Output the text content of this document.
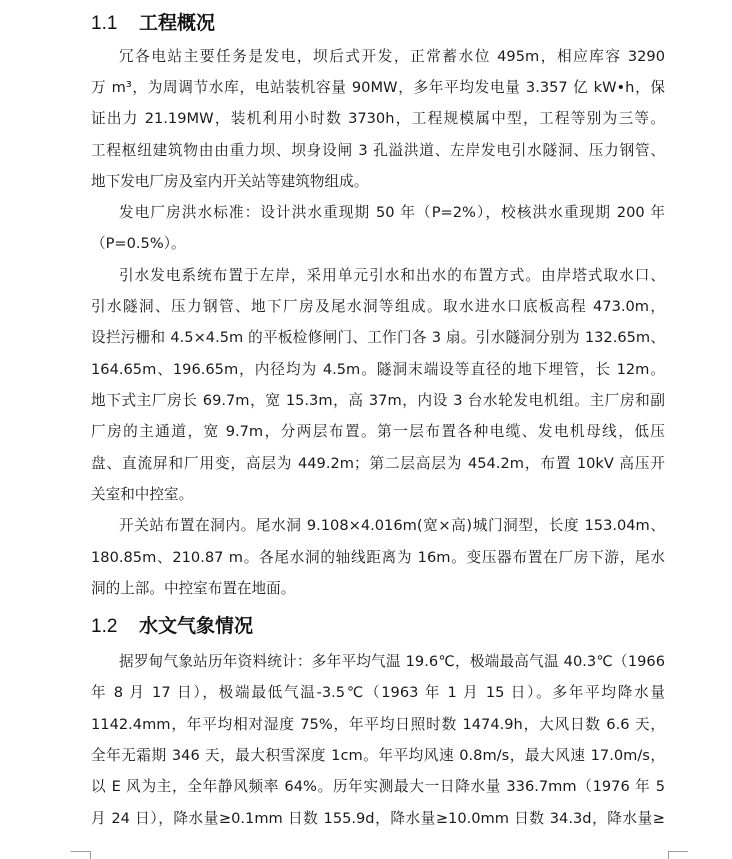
1.1 工程概况
冗各电站主要任务是发电，坝后式开发，正常蓄水位 495m，相应库容 3290
万 m³，为周调节水库，电站装机容量 90MW，多年平均发电量 3.357 亿 kW•h，保
证出力 21.19MW，装机利用小时数 3730h，工程规模属中型，工程等别为三等。
工程枢纽建筑物由由重力坝、坝身设闸 3 孔溢洪道、左岸发电引水隧洞、压力钢管、
地下发电厂房及室内开关站等建筑物组成。
发电厂房洪水标准：设计洪水重现期 50 年（P=2%），校核洪水重现期 200 年
（P=0.5%）。
引水发电系统布置于左岸，采用单元引水和出水的布置方式。由岸塔式取水口、
引水隧洞、压力钢管、地下厂房及尾水洞等组成。取水进水口底板高程 473.0m，
设拦污栅和 4.5×4.5m 的平板检修闸门、工作门各 3 扇。引水隧洞分别为 132.65m、
164.65m、196.65m，内径均为 4.5m。隧洞末端设等直径的地下埋管，长 12m。
地下式主厂房长 69.7m，宽 15.3m，高 37m，内设 3 台水轮发电机组。主厂房和副
厂房的主通道，宽 9.7m，分两层布置。第一层布置各种电缆、发电机母线，低压
盘、直流屏和厂用变，高层为 449.2m；第二层高层为 454.2m，布置 10kV 高压开
关室和中控室。
开关站布置在洞内。尾水洞 9.108×4.016m(宽×高)城门洞型，长度 153.04m、
180.85m、210.87 m。各尾水洞的轴线距离为 16m。变压器布置在厂房下游，尾水
洞的上部。中控室布置在地面。
1.2 水文气象情况
据罗甸气象站历年资料统计：多年平均气温 19.6℃，极端最高气温 40.3℃（1966
年 8 月 17 日），极端最低气温-3.5℃（1963 年 1 月 15 日）。多年平均降水量
1142.4mm，年平均相对湿度 75%，年平均日照时数 1474.9h，大风日数 6.6 天，
全年无霜期 346 天，最大积雪深度 1cm。年平均风速 0.8m/s，最大风速 17.0m/s，
以 E 风为主，全年静风频率 64%。历年实测最大一日降水量 336.7mm（1976 年 5
月 24 日），降水量≥0.1mm 日数 155.9d，降水量≥10.0mm 日数 34.3d，降水量≥
